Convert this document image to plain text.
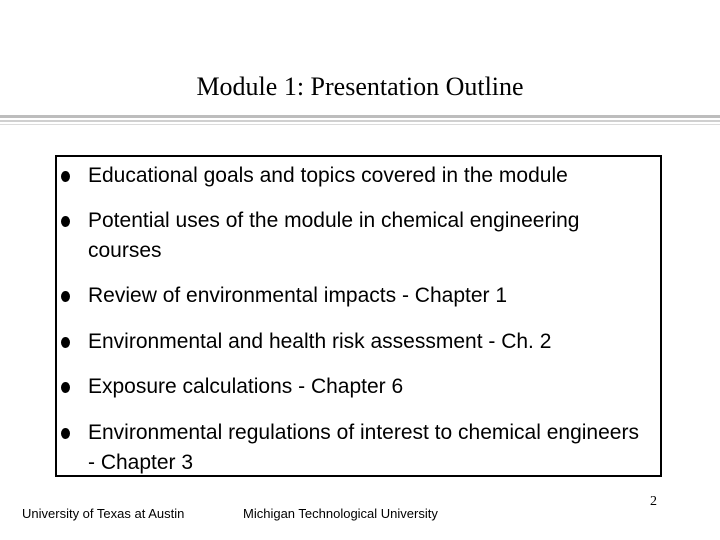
Module 1: Presentation Outline
Educational goals and topics covered in the module
Potential uses of the module in chemical engineering courses
Review of environmental impacts - Chapter 1
Environmental and health risk assessment - Ch. 2
Exposure calculations - Chapter 6
Environmental regulations of interest to chemical engineers - Chapter 3
University of Texas at Austin	Michigan Technological University
2
